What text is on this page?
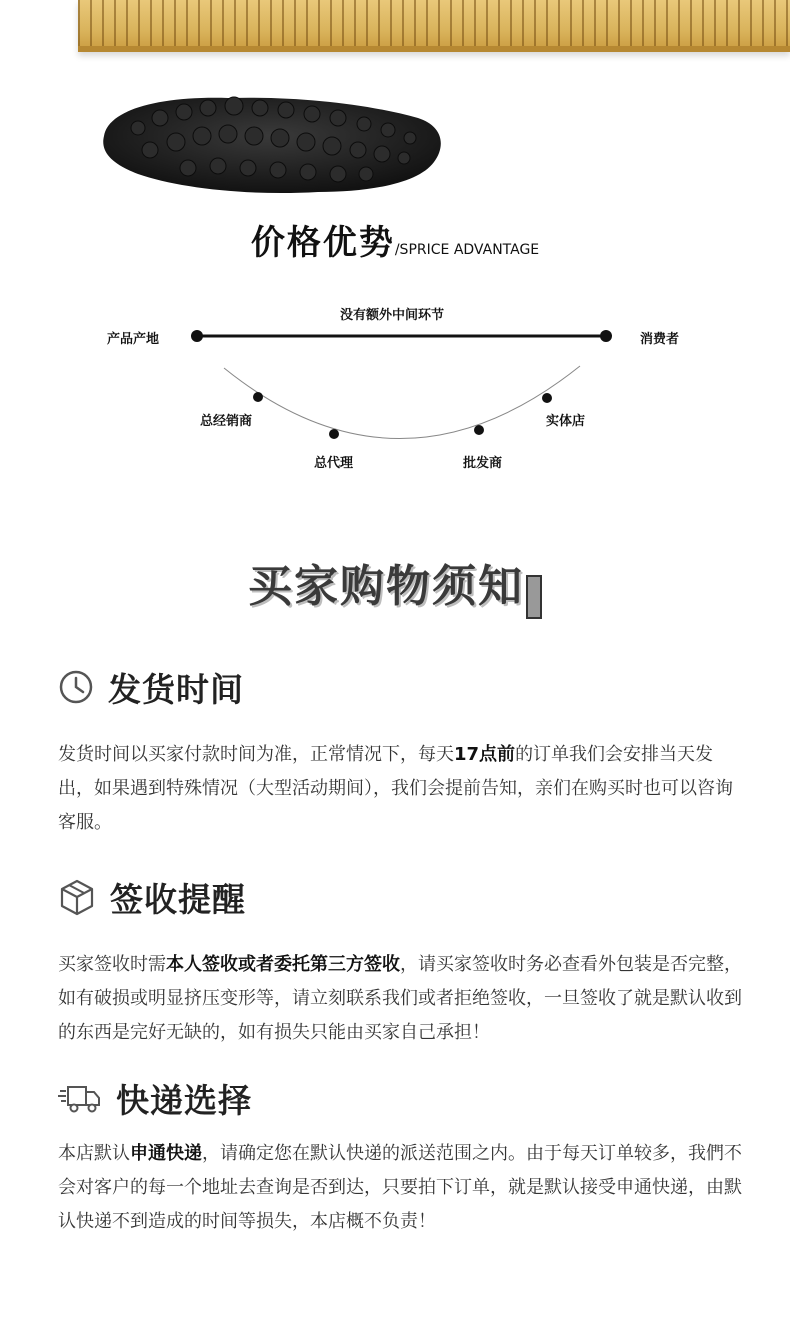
价格优势/SPRICE ADVANTAGE
没有额外中间环节
产品产地	消费者
总经销商
总代理	批发商
实体店
买家购物须知
发货时间
发货时间以买家付款时间为准，正常情况下，每天17点前的订单我们会安排当天发出，如果遇到特殊情况（大型活动期间），我们会提前告知，亲们在购买时也可以咨询客服。
签收提醒
买家签收时需本人签收或者委托第三方签收，请买家签收时务必查看外包装是否完整，如有破损或明显挤压变形等，请立刻联系我们或者拒绝签收，一旦签收了就是默认收到的东西是完好无缺的，如有损失只能由买家自己承担！
快递选择
本店默认申通快递，请确定您在默认快递的派送范围之内。由于每天订单较多，我們不会对客户的每一个地址去查询是否到达，只要拍下订单，就是默认接受申通快递，由默认快递不到造成的时间等损失，本店概不负责！
